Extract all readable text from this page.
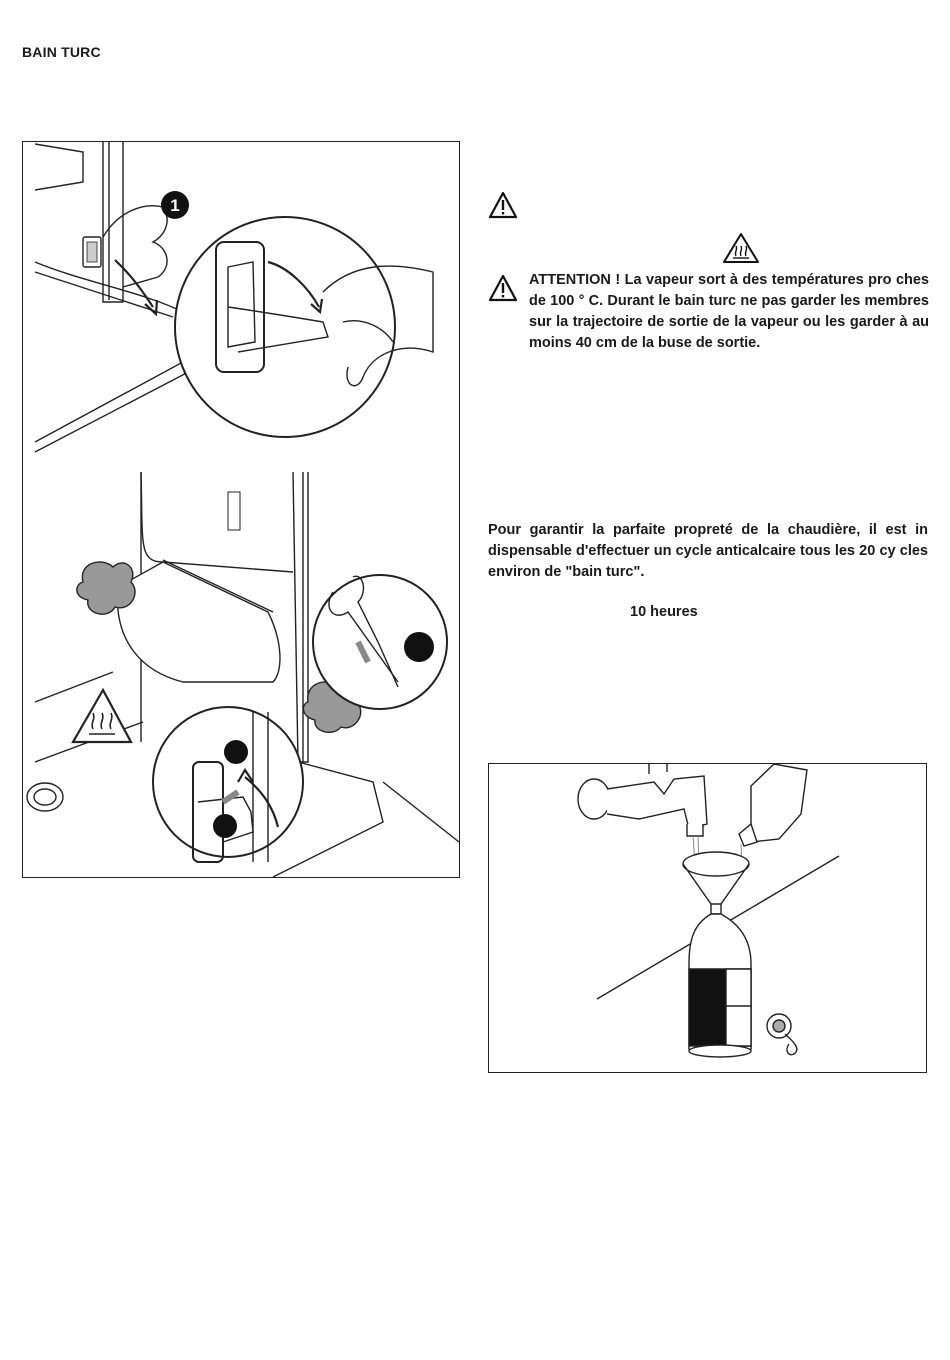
BAIN TURC
1
ATTENTION ! La vapeur sort à des températures pro ches de 100 ° C. Durant le bain turc ne pas garder les membres sur la trajectoire de sortie de la vapeur ou les garder à au moins 40 cm de la buse de sortie.
Pour garantir la parfaite propreté de la chaudière, il est in dispensable d'effectuer un cycle anticalcaire tous les 20 cy cles environ de "bain turc".
10 heures
